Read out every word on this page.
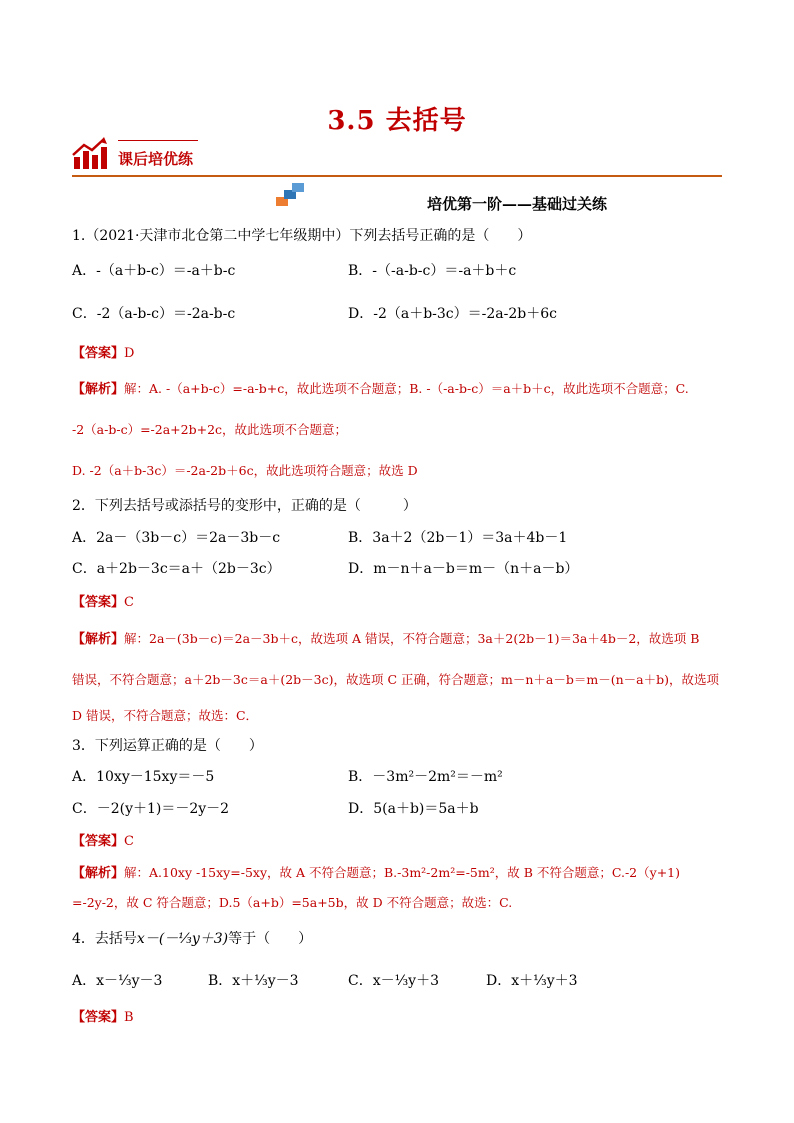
3.5 去括号
课后培优练
培优第一阶——基础过关练
1.（2021·天津市北仓第二中学七年级期中）下列去括号正确的是（　　）
A．-（a＋b-c）＝-a＋b-c	B．-（-a-b-c）＝-a＋b＋c
C．-2（a-b-c）＝-2a-b-c	D．-2（a＋b-3c）＝-2a-2b＋6c
【答案】D
【解析】解：A. -（a+b-c）=-a-b+c，故此选项不合题意；B. -（-a-b-c）＝a＋b＋c，故此选项不合题意；C.
-2（a-b-c）=-2a+2b+2c，故此选项不合题意；
D. -2（a＋b-3c）＝-2a-2b＋6c，故此选项符合题意；故选 D
2．下列去括号或添括号的变形中，正确的是（　　　）
A．2a－（3b－c）＝2a－3b－c	B．3a＋2（2b－1）＝3a＋4b－1
C．a＋2b－3c＝a＋（2b－3c）	D．m－n＋a－b＝m－（n＋a－b）
【答案】C
【解析】解：2a－(3b－c)＝2a－3b＋c，故选项 A 错误，不符合题意；3a＋2(2b－1)＝3a＋4b－2，故选项 B
错误，不符合题意；a＋2b－3c＝a＋(2b－3c)，故选项 C 正确，符合题意；m－n＋a－b＝m－(n－a＋b)，故选项
D 错误，不符合题意；故选：C．
3．下列运算正确的是（　　）
A．10xy－15xy＝－5	B．－3m²－2m²＝－m²
C．－2(y＋1)＝－2y－2	D．5(a＋b)＝5a＋b
【答案】C
【解析】解：A.10xy -15xy=-5xy，故 A 不符合题意；B.-3m²-2m²=-5m²，故 B 不符合题意；C.-2（y+1)
=-2y-2，故 C 符合题意；D.5（a+b）=5a+5b，故 D 不符合题意；故选：C.
4．去括号x－(－⅓y＋3)等于（　　）
A．x－⅓y－3	B．x＋⅓y－3	C．x－⅓y＋3	D．x＋⅓y＋3
【答案】B
